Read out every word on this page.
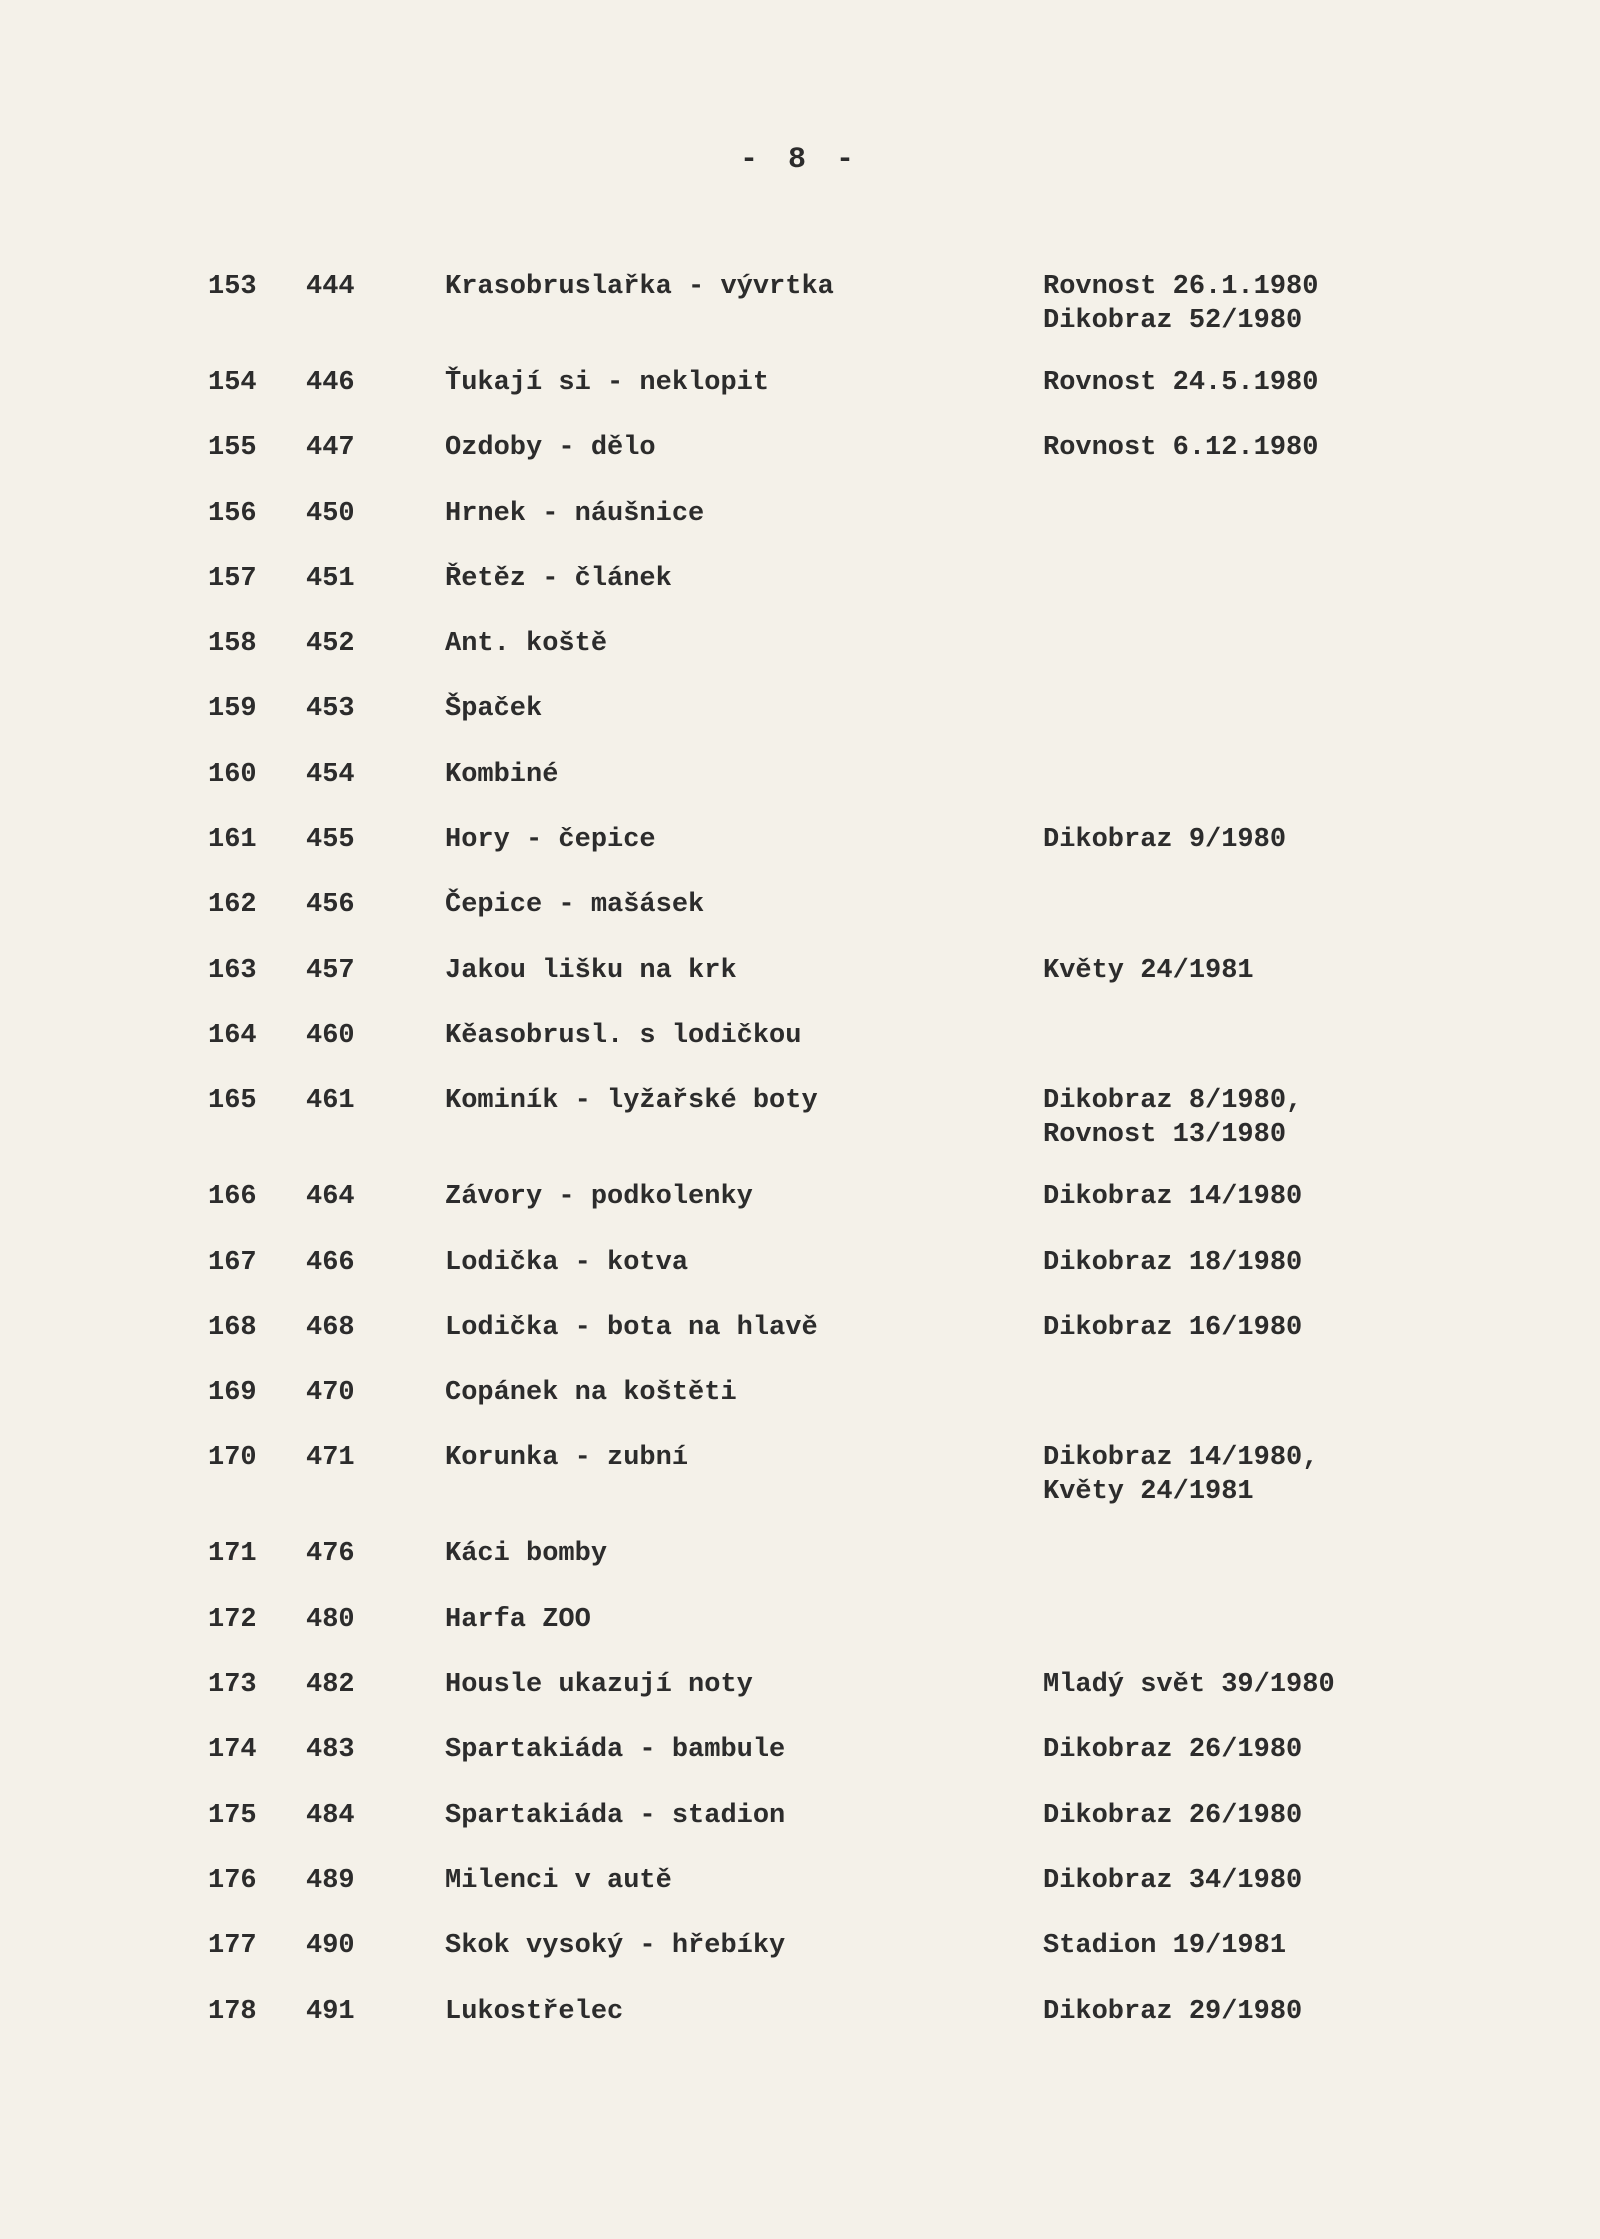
- 8 -
153	444	Krasobruslařka - vývrtka	Rovnost 26.1.1980
Dikobraz 52/1980
154	446	Ťukají si - neklopit	Rovnost 24.5.1980
155	447	Ozdoby - dělo	Rovnost 6.12.1980
156	450	Hrnek - náušnice
157	451	Řetěz - článek
158	452	Ant. koště
159	453	Špaček
160	454	Kombiné
161	455	Hory - čepice	Dikobraz 9/1980
162	456	Čepice - mašásek
163	457	Jakou lišku na krk	Květy 24/1981
164	460	Kěasobrusl. s lodičkou
165	461	Kominík - lyžařské boty	Dikobraz 8/1980,
Rovnost 13/1980
166	464	Závory - podkolenky	Dikobraz 14/1980
167	466	Lodička - kotva	Dikobraz 18/1980
168	468	Lodička - bota na hlavě	Dikobraz 16/1980
169	470	Copánek na koštěti
170	471	Korunka - zubní	Dikobraz 14/1980,
Květy 24/1981
171	476	Káci bomby
172	480	Harfa ZOO
173	482	Housle ukazují noty	Mladý svět 39/1980
174	483	Spartakiáda - bambule	Dikobraz 26/1980
175	484	Spartakiáda - stadion	Dikobraz 26/1980
176	489	Milenci v autě	Dikobraz 34/1980
177	490	Skok vysoký - hřebíky	Stadion 19/1981
178	491	Lukostřelec	Dikobraz 29/1980
